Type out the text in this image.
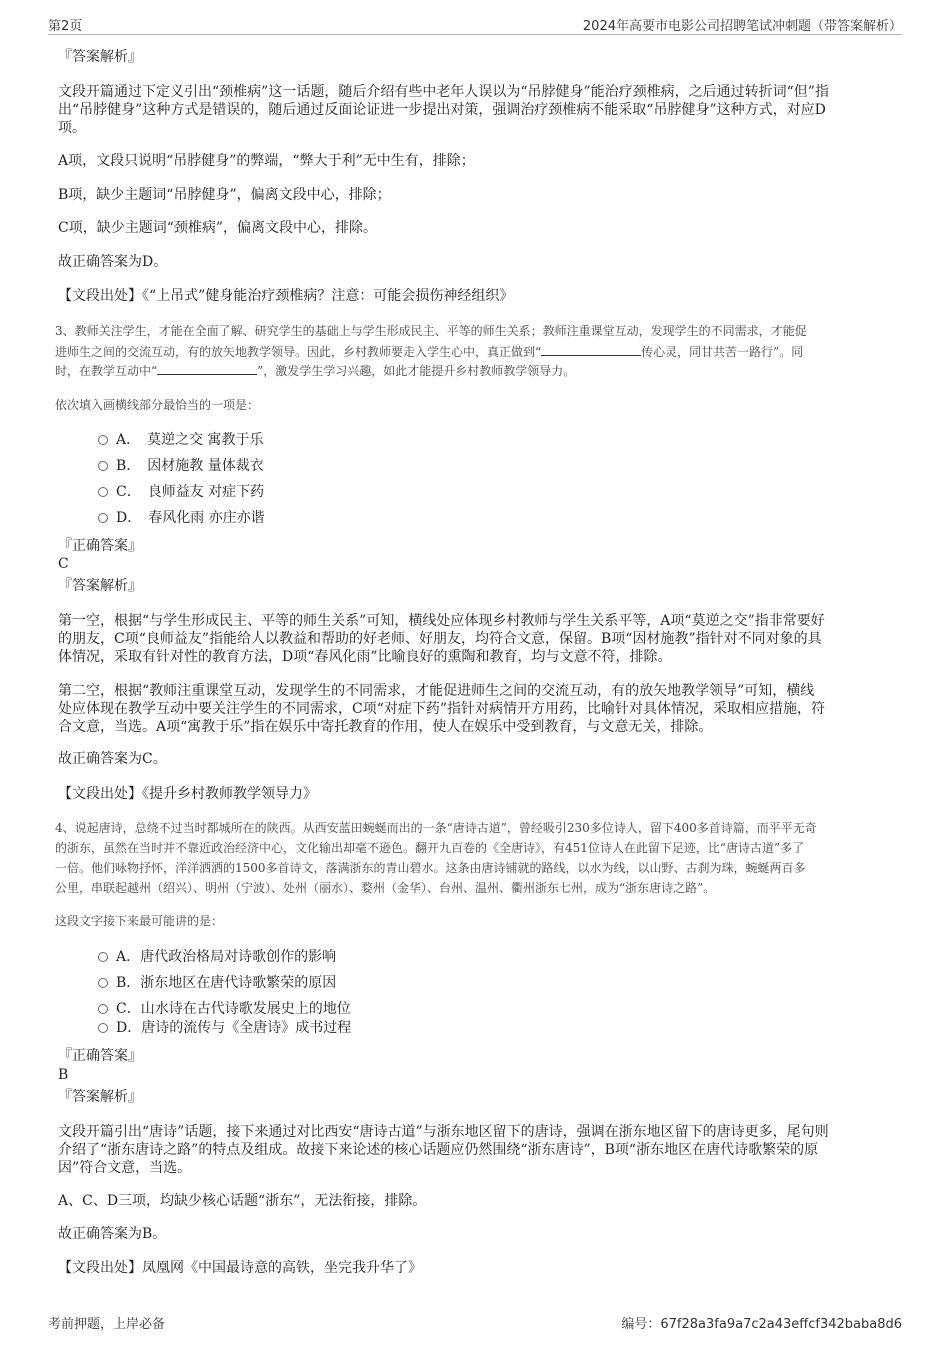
第2页	2024年高要市电影公司招聘笔试冲刺题（带答案解析）

『答案解析』

文段开篇通过下定义引出“颈椎病”这一话题，随后介绍有些中老年人误以为“吊脖健身”能治疗颈椎病，之后通过转折词“但”指

出“吊脖健身”这种方式是错误的，随后通过反面论证进一步提出对策，强调治疗颈椎病不能采取“吊脖健身”这种方式，对应D

项。

A项，文段只说明“吊脖健身”的弊端，“弊大于利”无中生有，排除；

B项，缺少主题词“吊脖健身”，偏离文段中心，排除；

C项，缺少主题词“颈椎病”，偏离文段中心，排除。

故正确答案为D。

【文段出处】《“上吊式”健身能治疗颈椎病？注意：可能会损伤神经组织》

3、教师关注学生，才能在全面了解、研究学生的基础上与学生形成民主、平等的师生关系；教师注重课堂互动，发现学生的不同需求，才能促

进师生之间的交流互动，有的放矢地教学领导。因此，乡村教师要走入学生心中，真正做到“	传心灵，同甘共苦一路行”。同

时，在教学互动中“	”，激发学生学习兴趣，如此才能提升乡村教师教学领导力。

依次填入画横线部分最恰当的一项是：

A．　莫逆之交 寓教于乐

B．　因材施教 量体裁衣

C．　良师益友 对症下药

D．　春风化雨 亦庄亦谐

『正确答案』

C

『答案解析』

第一空，根据“与学生形成民主、平等的师生关系”可知，横线处应体现乡村教师与学生关系平等，A项“莫逆之交”指非常要好

的朋友，C项“良师益友”指能给人以教益和帮助的好老师、好朋友，均符合文意，保留。B项“因材施教”指针对不同对象的具

体情况，采取有针对性的教育方法，D项“春风化雨”比喻良好的熏陶和教育，均与文意不符，排除。

第二空，根据“教师注重课堂互动，发现学生的不同需求，才能促进师生之间的交流互动，有的放矢地教学领导”可知，横线

处应体现在教学互动中要关注学生的不同需求，C项“对症下药”指针对病情开方用药，比喻针对具体情况，采取相应措施，符

合文意，当选。A项“寓教于乐”指在娱乐中寄托教育的作用，使人在娱乐中受到教育，与文意无关，排除。

故正确答案为C。

【文段出处】《提升乡村教师教学领导力》

4、说起唐诗，总绕不过当时都城所在的陕西。从西安蓝田蜿蜒而出的一条“唐诗古道”，曾经吸引230多位诗人，留下400多首诗篇，而平平无奇

的浙东，虽然在当时并不靠近政治经济中心，文化输出却毫不逊色。翻开九百卷的《全唐诗》，有451位诗人在此留下足迹，比“唐诗古道”多了

一倍。他们咏物抒怀，洋洋洒洒的1500多首诗文，落满浙东的青山碧水。这条由唐诗铺就的路线，以水为线，以山野、古刹为珠，蜿蜒两百多

公里，串联起越州（绍兴）、明州（宁波）、处州（丽水）、婺州（金华）、台州、温州、衢州浙东七州，成为“浙东唐诗之路”。

这段文字接下来最可能讲的是：

A．唐代政治格局对诗歌创作的影响

B．浙东地区在唐代诗歌繁荣的原因

C．山水诗在古代诗歌发展史上的地位

D．唐诗的流传与《全唐诗》成书过程

『正确答案』

B

『答案解析』

文段开篇引出“唐诗”话题，接下来通过对比西安“唐诗古道”与浙东地区留下的唐诗，强调在浙东地区留下的唐诗更多，尾句则

介绍了“浙东唐诗之路”的特点及组成。故接下来论述的核心话题应仍然围绕“浙东唐诗”，B项“浙东地区在唐代诗歌繁荣的原

因”符合文意，当选。

A、C、D三项，均缺少核心话题“浙东”，无法衔接，排除。

故正确答案为B。

【文段出处】凤凰网《中国最诗意的高铁，坐完我升华了》

考前押题，上岸必备	编号：67f28a3fa9a7c2a43effcf342baba8d6
